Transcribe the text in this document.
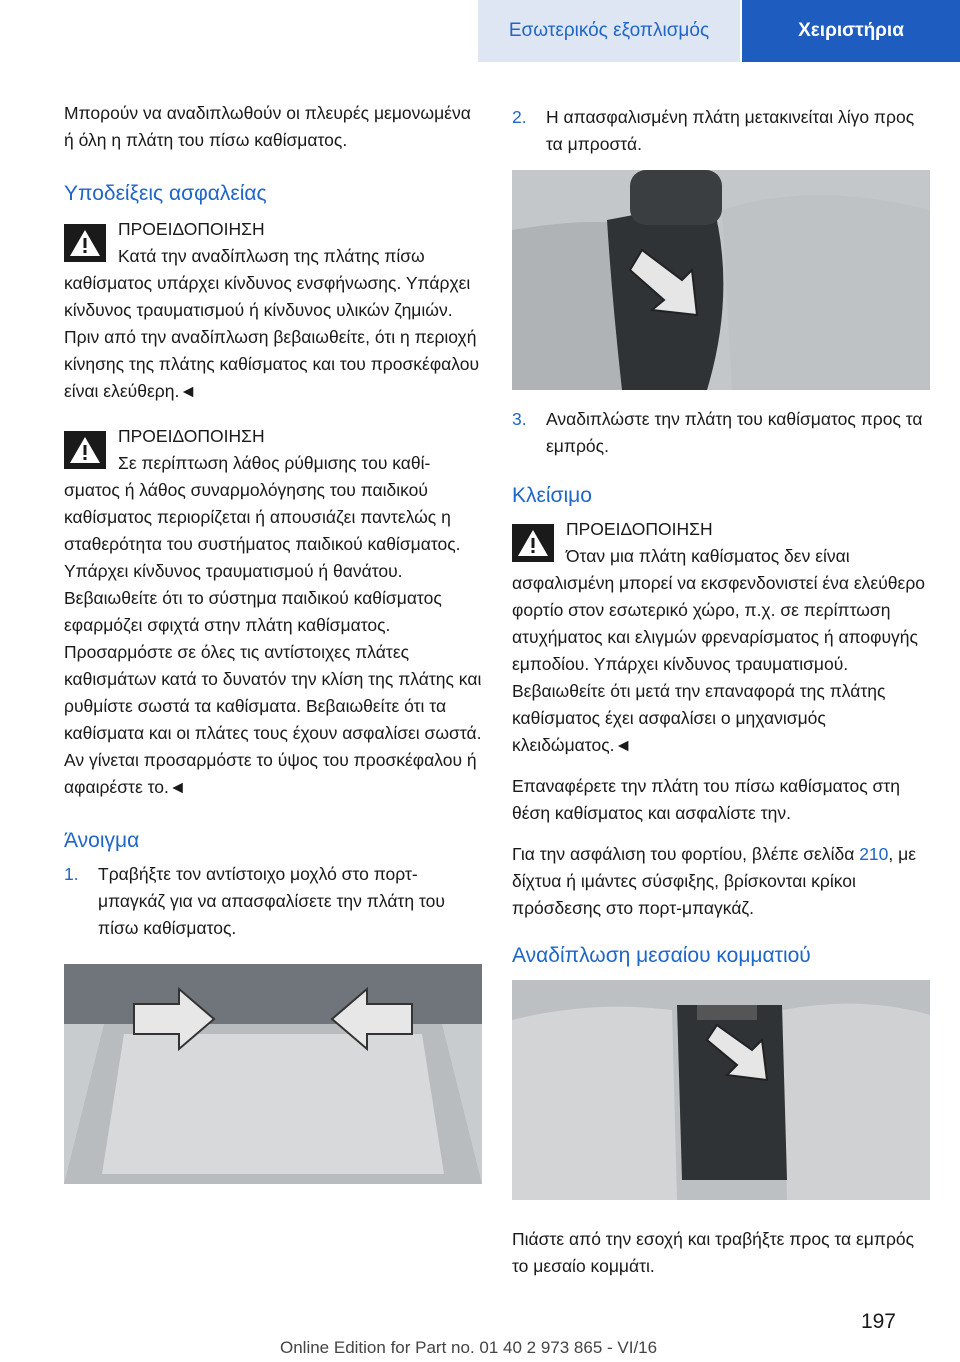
Εσωτερικός εξοπλισμός	Χειριστήρια

Μπορούν να αναδιπλωθούν οι πλευρές μεμονωμένα ή όλη η πλάτη του πίσω καθίσματος.

Υποδείξεις ασφαλείας

ΠΡΟΕΙΔΟΠΟΙΗΣΗ

Κατά την αναδίπλωση της πλάτης πίσω

καθίσματος υπάρχει κίνδυνος ενσφήνωσης. Υπάρχει κίνδυνος τραυματισμού ή κίνδυνος υλικών ζημιών. Πριν από την αναδίπλωση βεβαιωθείτε, ότι η περιοχή κίνησης της πλάτης καθίσματος και του προσκέφαλου είναι ελεύθερη.◄

ΠΡΟΕΙΔΟΠΟΙΗΣΗ

Σε περίπτωση λάθος ρύθμισης του καθί-

σματος ή λάθος συναρμολόγησης του παιδικού καθίσματος περιορίζεται ή απουσιάζει παντελώς η σταθερότητα του συστήματος παιδικού καθίσματος. Υπάρχει κίνδυνος τραυματισμού ή θανάτου. Βεβαιωθείτε ότι το σύστημα παιδικού καθίσματος εφαρμόζει σφιχτά στην πλάτη καθίσματος. Προσαρμόστε σε όλες τις αντίστοιχες πλάτες καθισμάτων κατά το δυνατόν την κλίση της πλάτης και ρυθμίστε σωστά τα καθίσματα. Βεβαιωθείτε ότι τα καθίσματα και οι πλάτες τους έχουν ασφαλίσει σωστά. Αν γίνεται προσαρμόστε το ύψος του προσκέφαλου ή αφαιρέστε το.◄

Άνοιγμα
1. Τραβήξτε τον αντίστοιχο μοχλό στο πορτ-μπαγκάζ για να απασφαλίσετε την πλάτη του πίσω καθίσματος.
2. Η απασφαλισμένη πλάτη μετακινείται λίγο προς τα μπροστά.
3. Αναδιπλώστε την πλάτη του καθίσματος προς τα εμπρός.
Κλείσιμο

ΠΡΟΕΙΔΟΠΟΙΗΣΗ

Όταν μια πλάτη καθίσματος δεν είναι

ασφαλισμένη μπορεί να εκσφενδονιστεί ένα ελεύθερο φορτίο στον εσωτερικό χώρο, π.χ. σε περίπτωση ατυχήματος και ελιγμών φρεναρίσματος ή αποφυγής εμποδίου. Υπάρχει κίνδυνος τραυματισμού. Βεβαιωθείτε ότι μετά την επαναφορά της πλάτης καθίσματος έχει ασφαλίσει ο μηχανισμός κλειδώματος.◄

Επαναφέρετε την πλάτη του πίσω καθίσματος στη θέση καθίσματος και ασφαλίστε την.

Για την ασφάλιση του φορτίου, βλέπε σελίδα 210, με δίχτυα ή ιμάντες σύσφιξης, βρίσκονται κρίκοι πρόσδεσης στο πορτ-μπαγκάζ.

Αναδίπλωση μεσαίου κομματιού

Πιάστε από την εσοχή και τραβήξτε προς τα εμπρός το μεσαίο κομμάτι.

197
Online Edition for Part no. 01 40 2 973 865 - VI/16
